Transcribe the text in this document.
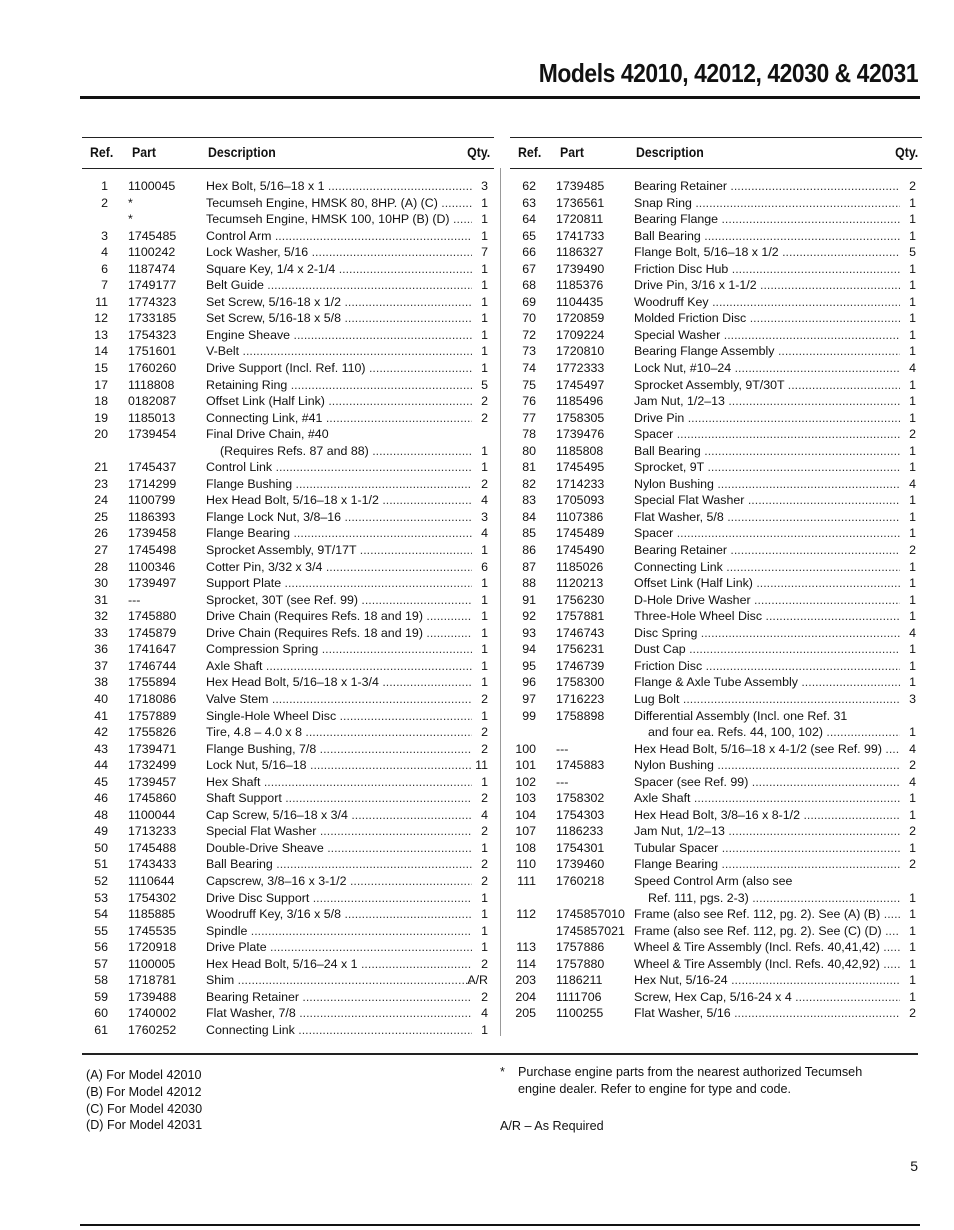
Models 42010, 42012, 42030 & 42031
Ref. Part	Description	Qty.
1 1100045 Hex Bolt, 5/16–18 x 1 .....	3
2 *	Tecumseh Engine, HMSK 80, 8HP. (A) (C) .....	1
*	Tecumseh Engine, HMSK 100, 10HP (B) (D) .....	1
3 1745485 Control Arm .....	1
4 1100242 Lock Washer, 5/16 .....	7
6 1187474 Square Key, 1/4 x 2-1/4 .....	1
7 1749177 Belt Guide .....	1
11 1774323 Set Screw, 5/16-18 x 1/2 .....	1
12 1733185 Set Screw, 5/16-18 x 5/8 .....	1
13 1754323 Engine Sheave .....	1
14 1751601 V-Belt .....	1
15 1760260 Drive Support (Incl. Ref. 110) .....	1
17 1118808	Retaining Ring .....	5
18 0182087 Offset Link (Half Link) .....	2
19 1185013 Connecting Link, #41 .....	2
20 1739454 Final Drive Chain, #40
(Requires Refs. 87 and 88) .....	1
21 1745437 Control Link .....	1
23 1714299 Flange Bushing .....	2
24 1100799 Hex Head Bolt, 5/16–18 x 1-1/2 .....	4
25 1186393 Flange Lock Nut, 3/8–16 .....	3
26 1739458 Flange Bearing .....	4
27 1745498 Sprocket Assembly, 9T/17T .....	1
28 1100346 Cotter Pin, 3/32 x 3/4 .....	6
30 1739497 Support Plate .....	1
31 ---	Sprocket, 30T (see Ref. 99) .....	1
32 1745880 Drive Chain (Requires Refs. 18 and 19) .....	1
33 1745879 Drive Chain (Requires Refs. 18 and 19) .....	1
36 1741647 Compression Spring .....	1
37 1746744 Axle Shaft .....	1
38 1755894 Hex Head Bolt, 5/16–18 x 1-3/4 .....	1
40 1718086 Valve Stem .....	2
41 1757889 Single-Hole Wheel Disc .....	1
42 1755826 Tire, 4.8 – 4.0 x 8 .....	2
43 1739471 Flange Bushing, 7/8 .....	2
44 1732499 Lock Nut, 5/16–18 .....	11
45 1739457 Hex Shaft .....	1
46 1745860 Shaft Support .....	2
48 1100044 Cap Screw, 5/16–18 x 3/4 .....	4
49 1713233 Special Flat Washer .....	2
50 1745488 Double-Drive Sheave .....	1
51 1743433 Ball Bearing .....	2
52 1110644	Capscrew, 3/8–16 x 3-1/2 .....	2
53 1754302 Drive Disc Support .....	1
54 1185885 Woodruff Key, 3/16 x 5/8 .....	1
55 1745535 Spindle .....	1
56 1720918 Drive Plate .....	1
57 1100005 Hex Head Bolt, 5/16–24 x 1 .....	2
58 1718781 Shim .....	A/R
59 1739488 Bearing Retainer .....	2
60 1740002 Flat Washer, 7/8 .....	4
61 1760252 Connecting Link .....	1
Ref. Part	Description	Qty.
62 1739485 Bearing Retainer .....	2
63 1736561 Snap Ring .....	1
64 1720811 Bearing Flange .....	1
65 1741733 Ball Bearing .....	1
66 1186327 Flange Bolt, 5/16–18 x 1/2 .....	5
67 1739490 Friction Disc Hub .....	1
68 1185376 Drive Pin, 3/16 x 1-1/2 .....	1
69 1104435 Woodruff Key .....	1
70 1720859 Molded Friction Disc .....	1
72 1709224 Special Washer .....	1
73 1720810 Bearing Flange Assembly .....	1
74 1772333 Lock Nut, #10–24 .....	4
75 1745497 Sprocket Assembly, 9T/30T .....	1
76 1185496 Jam Nut, 1/2–13 .....	1
77 1758305 Drive Pin .....	1
78 1739476 Spacer .....	2
80 1185808 Ball Bearing .....	1
81 1745495 Sprocket, 9T .....	1
82 1714233 Nylon Bushing .....	4
83 1705093 Special Flat Washer .....	1
84 1107386 Flat Washer, 5/8 .....	1
85 1745489 Spacer .....	1
86 1745490 Bearing Retainer .....	2
87 1185026 Connecting Link .....	1
88 1120213 Offset Link (Half Link) .....	1
91 1756230 D-Hole Drive Washer .....	1
92 1757881 Three-Hole Wheel Disc .....	1
93 1746743 Disc Spring .....	4
94 1756231 Dust Cap .....	1
95 1746739 Friction Disc .....	1
96 1758300 Flange & Axle Tube Assembly .....	1
97 1716223 Lug Bolt .....	3
99 1758898 Differential Assembly (Incl. one Ref. 31
and four ea. Refs. 44, 100, 102) .....	1
100 ---	Hex Head Bolt, 5/16–18 x 4-1/2 (see Ref. 99) .....	4
101 1745883 Nylon Bushing .....	2
102 ---	Spacer (see Ref. 99) .....	4
103 1758302 Axle Shaft .....	1
104 1754303 Hex Head Bolt, 3/8–16 x 8-1/2 .....	1
107 1186233 Jam Nut, 1/2–13 .....	2
108 1754301 Tubular Spacer .....	1
110 1739460 Flange Bearing .....	2
111 1760218 Speed Control Arm (also see
Ref. 111, pgs. 2-3) .....	1
112 1745857010 Frame (also see Ref. 112, pg. 2). See (A) (B) .....	1
1745857021 Frame (also see Ref. 112, pg. 2). See (C) (D) .....	1
113 1757886 Wheel & Tire Assembly (Incl. Refs. 40,41,42) .....	1
114 1757880 Wheel & Tire Assembly (Incl. Refs. 40,42,92) .....	1
203 1186211	Hex Nut, 5/16-24 .....	1
204 1111706	Screw, Hex Cap, 5/16-24 x 4 .....	1
205 1100255 Flat Washer, 5/16 .....	2
(A) For Model 42010
(B) For Model 42012
(C) For Model 42030
(D) For Model 42031
*	Purchase engine parts from the nearest authorized Tecumseh engine dealer. Refer to engine for type and code.
A/R – As Required
5
